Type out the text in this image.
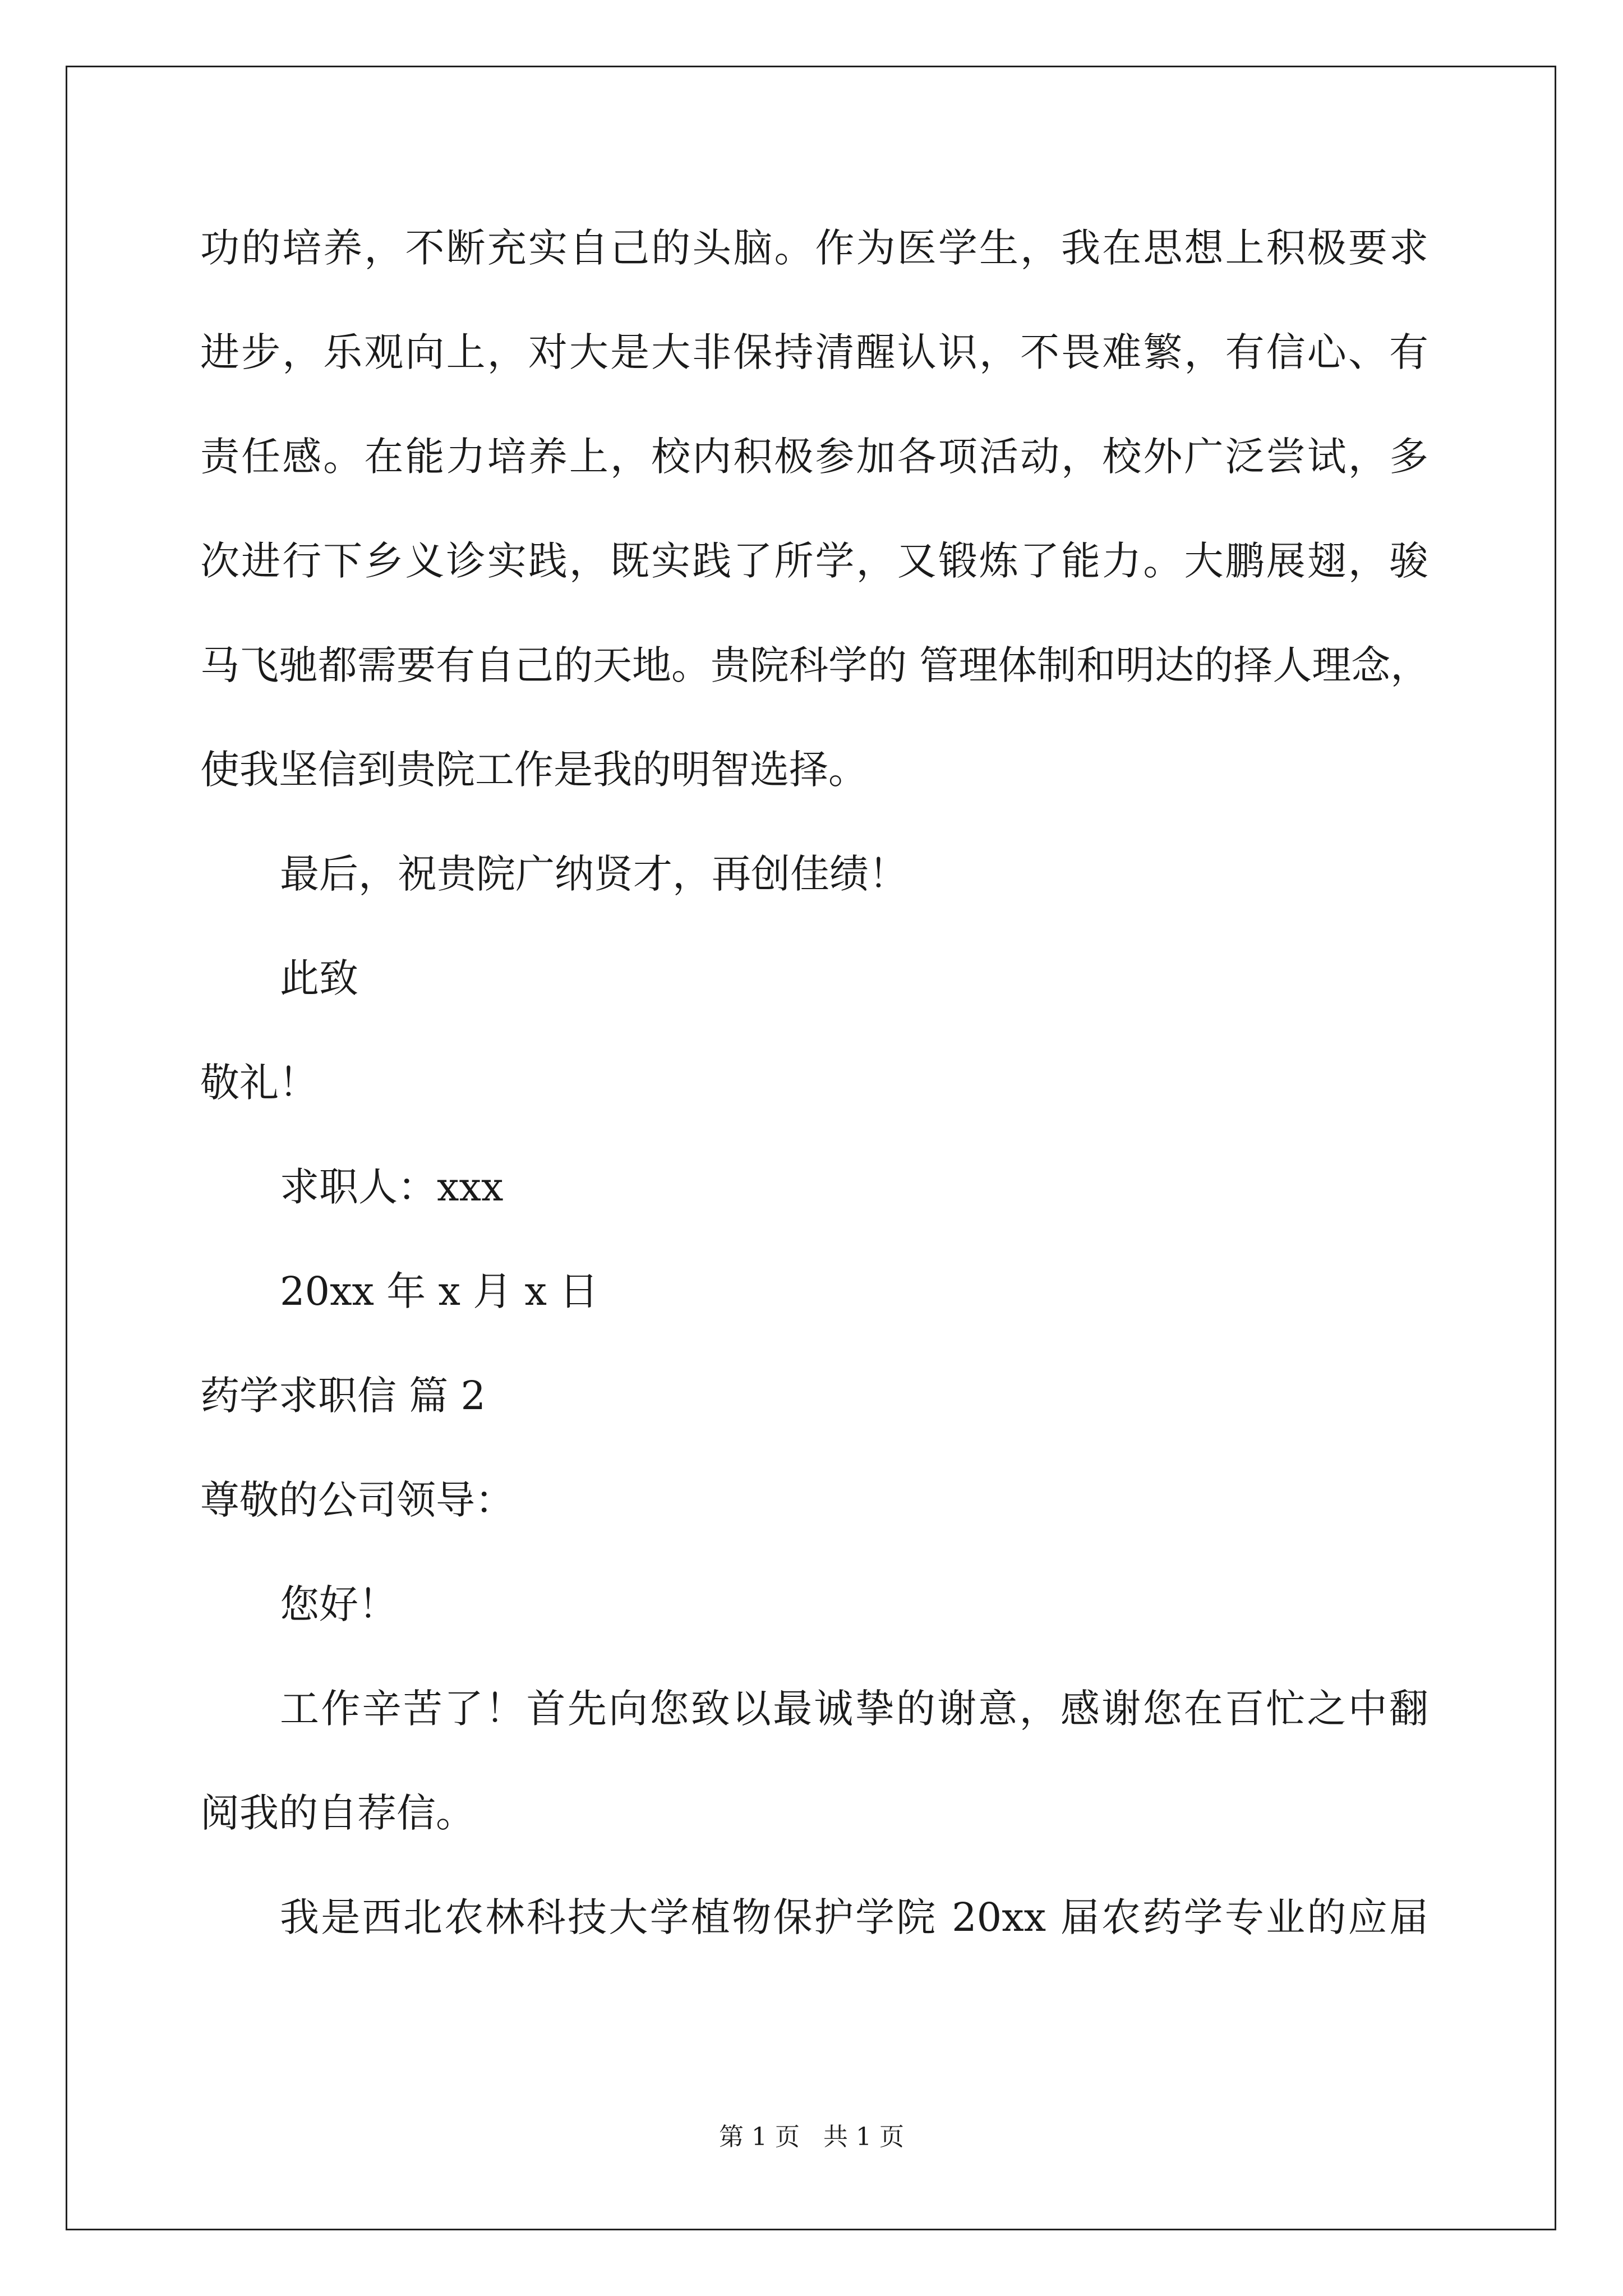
功的培养，不断充实自己的头脑。作为医学生，我在思想上积极要求
进步，乐观向上，对大是大非保持清醒认识，不畏难繁，有信心、有
责任感。在能力培养上，校内积极参加各项活动，校外广泛尝试，多
次进行下乡义诊实践，既实践了所学，又锻炼了能力。大鹏展翅，骏
马飞驰都需要有自己的天地。贵院科学的 管理体制和明达的择人理念，
使我坚信到贵院工作是我的明智选择。
最后，祝贵院广纳贤才，再创佳绩！
此致
敬礼！
求职人：xxx
20xx 年 x 月 x 日
药学求职信 篇 2
尊敬的公司领导：
您好！
工作辛苦了！首先向您致以最诚挚的谢意，感谢您在百忙之中翻
阅我的自荐信。
我是西北农林科技大学植物保护学院 20xx 届农药学专业的应届
第 1 页   共 1 页
